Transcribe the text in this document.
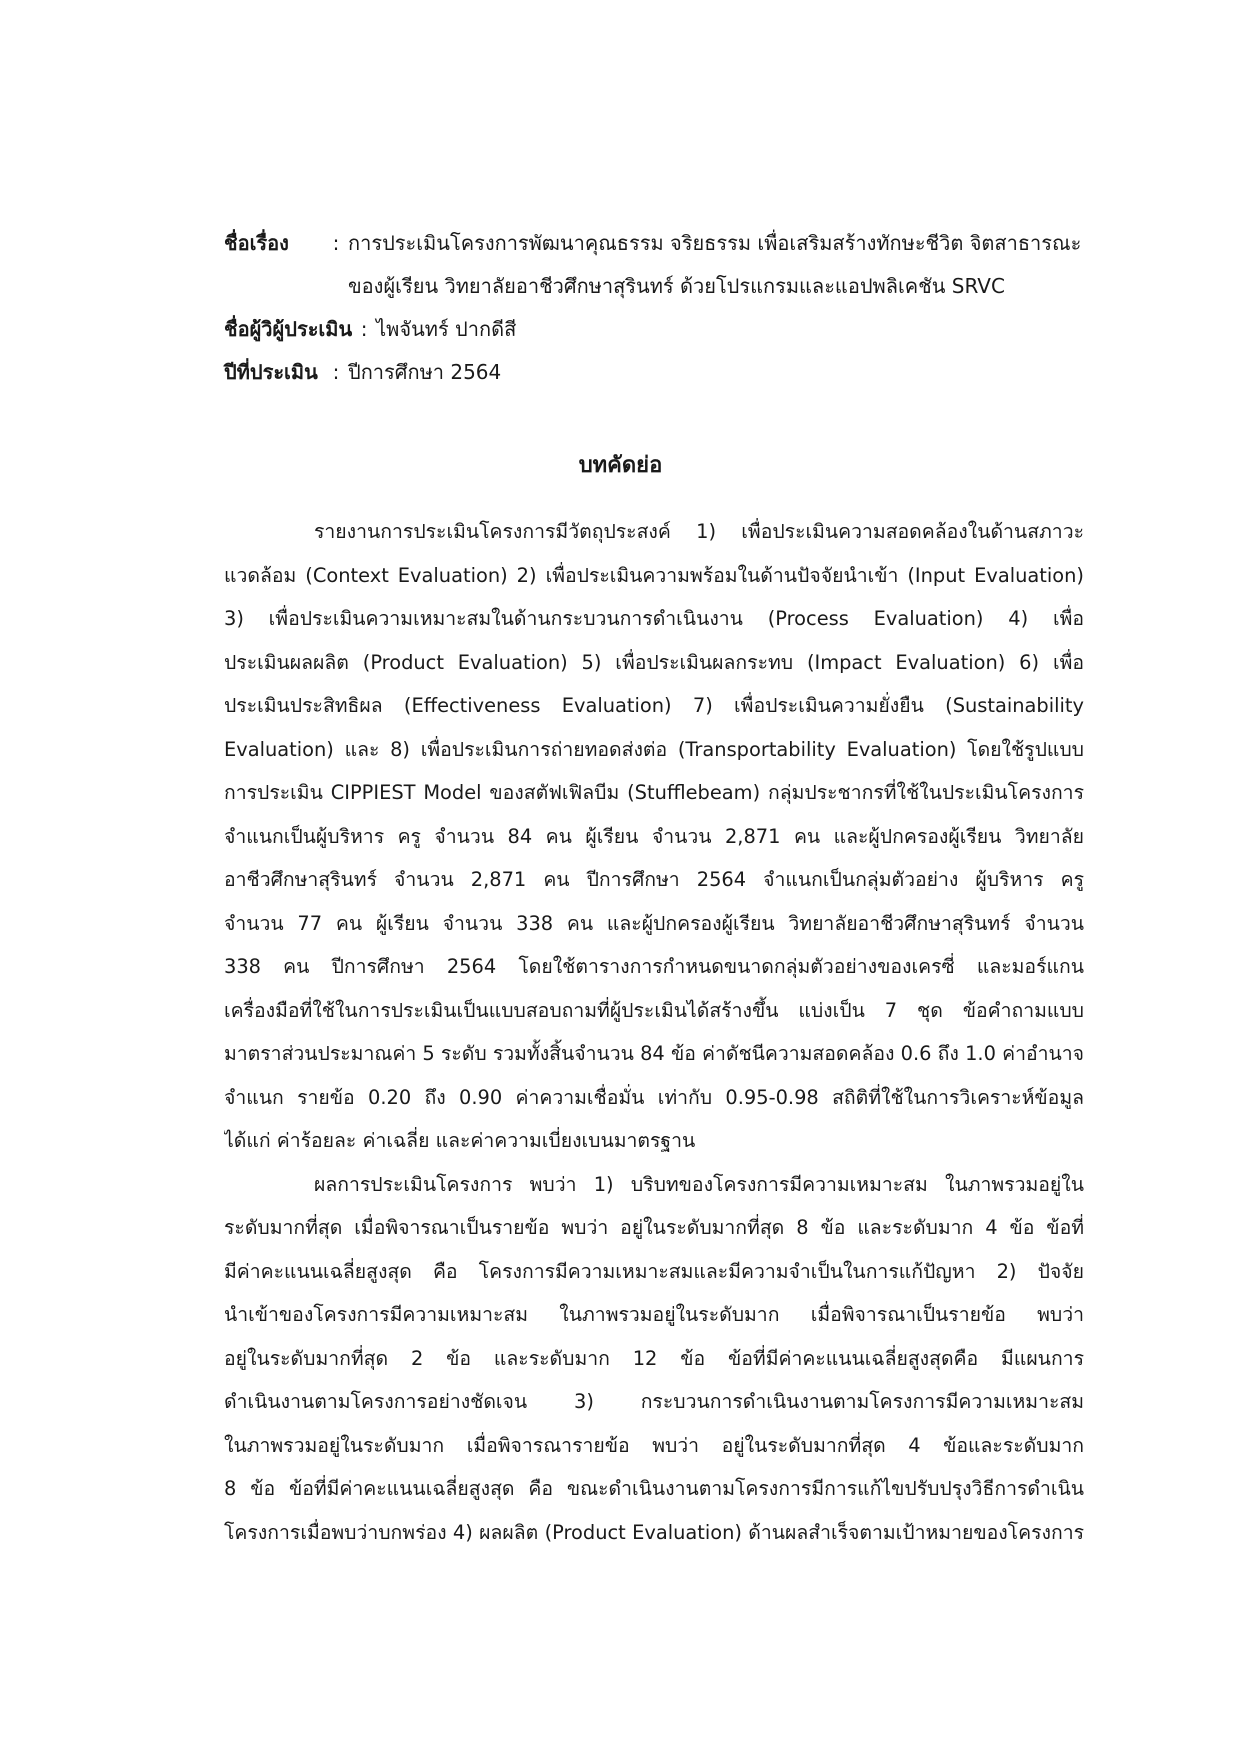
ชื่อเรื่อง	: การประเมินโครงการพัฒนาคุณธรรม จริยธรรม เพื่อเสริมสร้างทักษะชีวิต จิตสาธารณะ
ของผู้เรียน วิทยาลัยอาชีวศึกษาสุรินทร์ ด้วยโปรแกรมและแอปพลิเคชัน SRVC
ชื่อผู้วิผู้ประเมิน : ไพจันทร์ ปากดีสี
ปีที่ประเมิน : ปีการศึกษา 2564
บทคัดย่อ
รายงานการประเมินโครงการมีวัตถุประสงค์ 1) เพื่อประเมินความสอดคล้องในด้านสภาวะ
แวดล้อม (Context Evaluation) 2) เพื่อประเมินความพร้อมในด้านปัจจัยนำเข้า (Input Evaluation)
3) เพื่อประเมินความเหมาะสมในด้านกระบวนการดำเนินงาน (Process Evaluation) 4) เพื่อ
ประเมินผลผลิต (Product Evaluation) 5) เพื่อประเมินผลกระทบ (Impact Evaluation) 6) เพื่อ
ประเมินประสิทธิผล (Effectiveness Evaluation) 7) เพื่อประเมินความยั่งยืน (Sustainability
Evaluation) และ 8) เพื่อประเมินการถ่ายทอดส่งต่อ (Transportability Evaluation) โดยใช้รูปแบบ
การประเมิน CIPPIEST Model ของสตัฟเฟิลบีม (Stufflebeam) กลุ่มประชากรที่ใช้ในประเมินโครงการ
จำแนกเป็นผู้บริหาร ครู จำนวน 84 คน ผู้เรียน จำนวน 2,871 คน และผู้ปกครองผู้เรียน วิทยาลัย
อาชีวศึกษาสุรินทร์ จำนวน 2,871 คน ปีการศึกษา 2564 จำแนกเป็นกลุ่มตัวอย่าง ผู้บริหาร ครู
จำนวน 77 คน ผู้เรียน จำนวน 338 คน และผู้ปกครองผู้เรียน วิทยาลัยอาชีวศึกษาสุรินทร์ จำนวน
338 คน ปีการศึกษา 2564 โดยใช้ตารางการกำหนดขนาดกลุ่มตัวอย่างของเครซี่ และมอร์แกน
เครื่องมือที่ใช้ในการประเมินเป็นแบบสอบถามที่ผู้ประเมินได้สร้างขึ้น แบ่งเป็น 7 ชุด ข้อคำถามแบบ
มาตราส่วนประมาณค่า 5 ระดับ รวมทั้งสิ้นจำนวน 84 ข้อ ค่าดัชนีความสอดคล้อง 0.6 ถึง 1.0 ค่าอำนาจ
จำแนก รายข้อ 0.20 ถึง 0.90 ค่าความเชื่อมั่น เท่ากับ 0.95-0.98 สถิติที่ใช้ในการวิเคราะห์ข้อมูล
ได้แก่ ค่าร้อยละ ค่าเฉลี่ย และค่าความเบี่ยงเบนมาตรฐาน
ผลการประเมินโครงการ พบว่า 1) บริบทของโครงการมีความเหมาะสม ในภาพรวมอยู่ใน
ระดับมากที่สุด เมื่อพิจารณาเป็นรายข้อ พบว่า อยู่ในระดับมากที่สุด 8 ข้อ และระดับมาก 4 ข้อ ข้อที่
มีค่าคะแนนเฉลี่ยสูงสุด คือ โครงการมีความเหมาะสมและมีความจำเป็นในการแก้ปัญหา 2) ปัจจัย
นำเข้าของโครงการมีความเหมาะสม ในภาพรวมอยู่ในระดับมาก เมื่อพิจารณาเป็นรายข้อ พบว่า
อยู่ในระดับมากที่สุด 2 ข้อ และระดับมาก 12 ข้อ ข้อที่มีค่าคะแนนเฉลี่ยสูงสุดคือ มีแผนการ
ดำเนินงานตามโครงการอย่างชัดเจน 3) กระบวนการดำเนินงานตามโครงการมีความเหมาะสม
ในภาพรวมอยู่ในระดับมาก เมื่อพิจารณารายข้อ พบว่า อยู่ในระดับมากที่สุด 4 ข้อและระดับมาก
8 ข้อ ข้อที่มีค่าคะแนนเฉลี่ยสูงสุด คือ ขณะดำเนินงานตามโครงการมีการแก้ไขปรับปรุงวิธีการดำเนิน
โครงการเมื่อพบว่าบกพร่อง 4) ผลผลิต (Product Evaluation) ด้านผลสำเร็จตามเป้าหมายของโครงการ
